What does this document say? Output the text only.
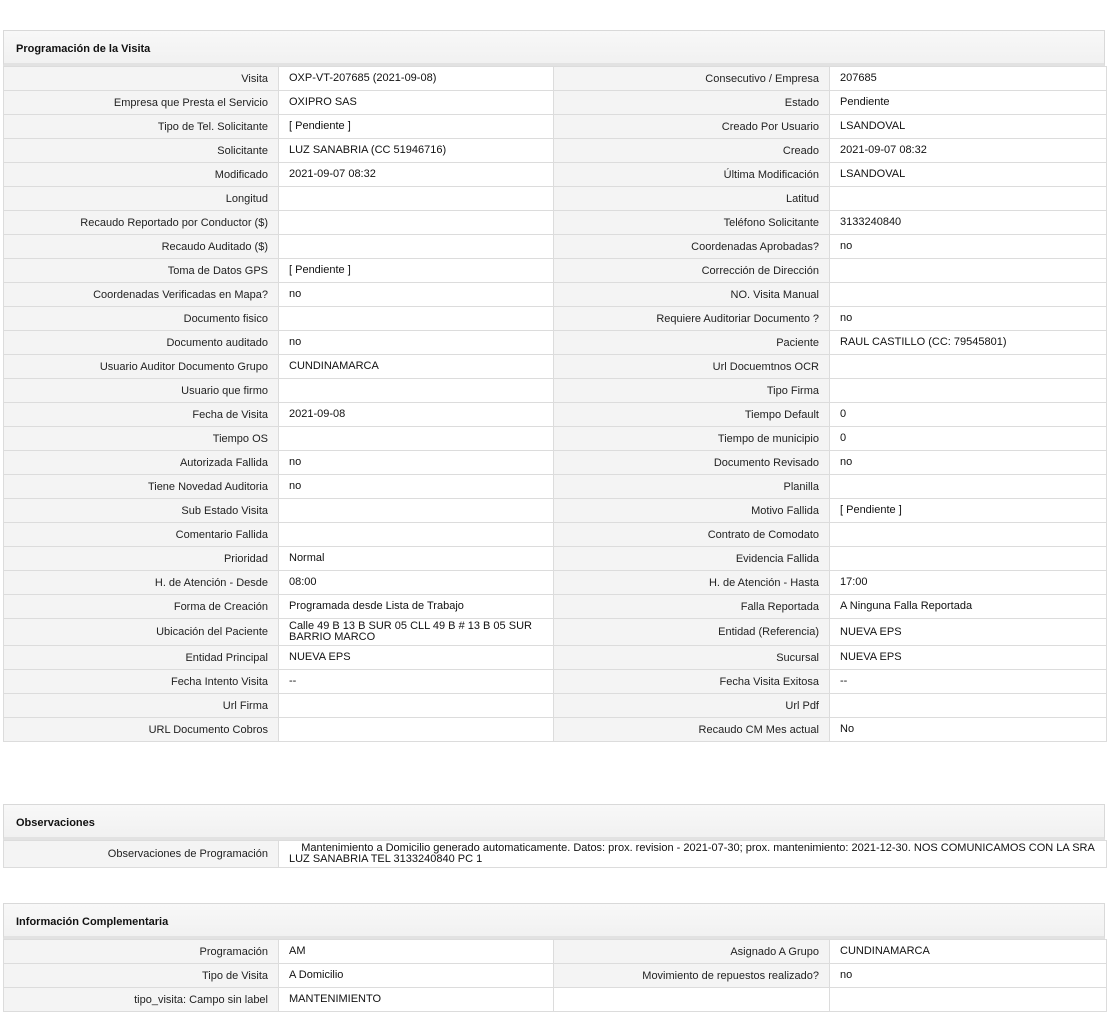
Programación de la Visita
Visita	OXP-VT-207685 (2021-09-08)	Consecutivo / Empresa	207685
Empresa que Presta el Servicio	OXIPRO SAS	Estado	Pendiente
Tipo de Tel. Solicitante	[ Pendiente ]	Creado Por Usuario	LSANDOVAL
Solicitante	LUZ SANABRIA (CC 51946716)	Creado	2021-09-07 08:32
Modificado	2021-09-07 08:32	Última Modificación	LSANDOVAL
Longitud		Latitud	
Recaudo Reportado por Conductor ($)		Teléfono Solicitante	3133240840
Recaudo Auditado ($)		Coordenadas Aprobadas?	no
Toma de Datos GPS	[ Pendiente ]	Corrección de Dirección	
Coordenadas Verificadas en Mapa?	no	NO. Visita Manual	
Documento fisico		Requiere Auditoriar Documento ?	no
Documento auditado	no	Paciente	RAUL CASTILLO (CC: 79545801)
Usuario Auditor Documento Grupo	CUNDINAMARCA	Url Docuemtnos OCR	
Usuario que firmo		Tipo Firma	
Fecha de Visita	2021-09-08	Tiempo Default	0
Tiempo OS		Tiempo de municipio	0
Autorizada Fallida	no	Documento Revisado	no
Tiene Novedad Auditoria	no	Planilla	
Sub Estado Visita		Motivo Fallida	[ Pendiente ]
Comentario Fallida		Contrato de Comodato	
Prioridad	Normal	Evidencia Fallida	
H. de Atención - Desde	08:00	H. de Atención - Hasta	17:00
Forma de Creación	Programada desde Lista de Trabajo	Falla Reportada	A Ninguna Falla Reportada
Ubicación del Paciente	Calle 49 B 13 B SUR 05 CLL 49 B # 13 B 05 SUR BARRIO MARCO	Entidad (Referencia)	NUEVA EPS
Entidad Principal	NUEVA EPS	Sucursal	NUEVA EPS
Fecha Intento Visita	--	Fecha Visita Exitosa	--
Url Firma		Url Pdf	
URL Documento Cobros		Recaudo CM Mes actual	No
Observaciones
Observaciones de Programación	Mantenimiento a Domicilio generado automaticamente. Datos: prox. revision - 2021-07-30; prox. mantenimiento: 2021-12-30. NOS COMUNICAMOS CON LA SRA LUZ SANABRIA TEL 3133240840 PC 1
Información Complementaria
Programación	AM	Asignado A Grupo	CUNDINAMARCA
Tipo de Visita	A Domicilio	Movimiento de repuestos realizado?	no
tipo_visita: Campo sin label	MANTENIMIENTO		
